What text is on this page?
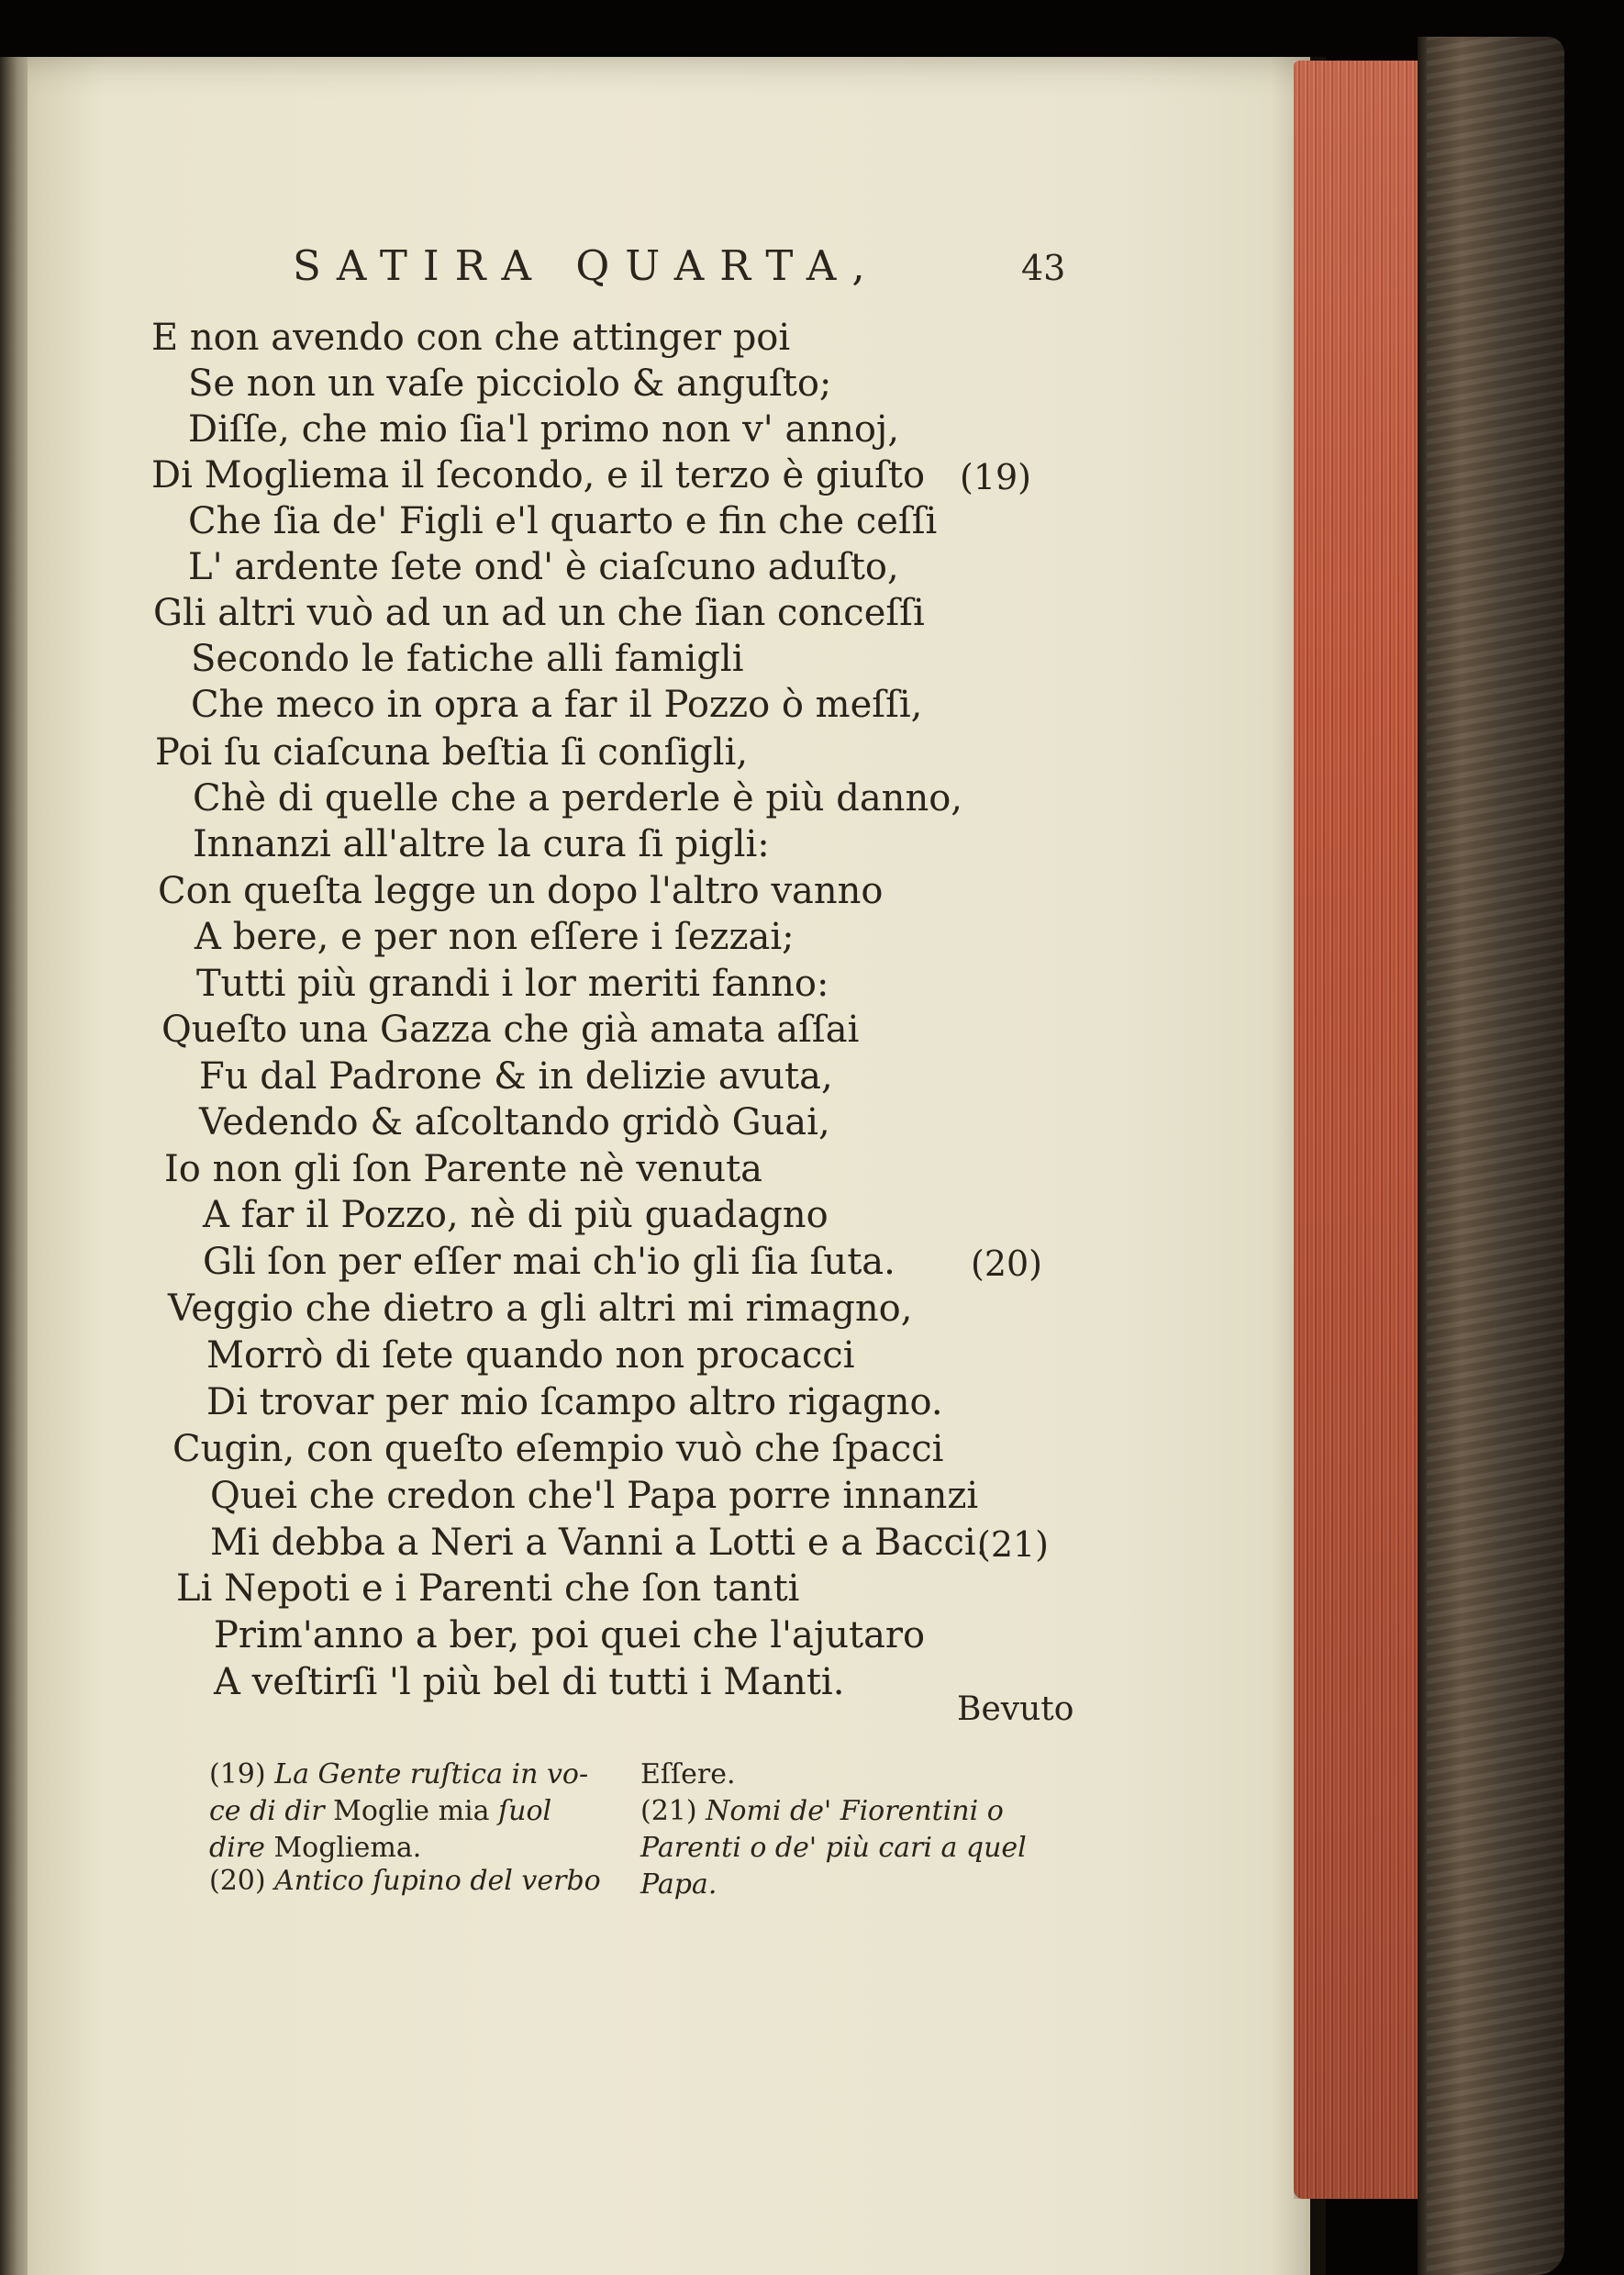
SATIRA QUARTA,	43
E non avendo con che attinger poi
Se non un vaſe picciolo & anguſto;
Diſſe, che mio ſia'l primo non v' annoj,
Di Mogliema il ſecondo, e il terzo è giuſto
Che ſia de' Figli e'l quarto e fin che ceſſi
L' ardente ſete ond' è ciaſcuno aduſto,
Gli altri vuò ad un ad un che ſian conceſſi
Secondo le fatiche alli famigli
Che meco in opra a far il Pozzo ò meſſi,
Poi ſu ciaſcuna beſtia ſi conſigli,
Chè di quelle che a perderle è più danno,
Innanzi all'altre la cura ſi pigli:
Con queſta legge un dopo l'altro vanno
A bere, e per non eſſere i ſezzai;
Tutti più grandi i lor meriti fanno:
Queſto una Gazza che già amata aſſai
Fu dal Padrone & in delizie avuta,
Vedendo & aſcoltando gridò Guai,
Io non gli ſon Parente nè venuta
A far il Pozzo, nè di più guadagno
Gli ſon per eſſer mai ch'io gli ſia ſuta.
Veggio che dietro a gli altri mi rimagno,
Morrò di ſete quando non procacci
Di trovar per mio ſcampo altro rigagno.
Cugin, con queſto eſempio vuò che ſpacci
Quei che credon che'l Papa porre innanzi
Mi debba a Neri a Vanni a Lotti e a Bacci.
Li Nepoti e i Parenti che ſon tanti
Prim'anno a ber, poi quei che l'ajutaro
A veſtirſi 'l più bel di tutti i Manti.
(19)
(20)
(21)
Bevuto
(19) La Gente ruſtica in vo-ce di dir Moglie mia ſuol dire Mogliema.
(20) Antico ſupino del verbo
Eſſere.
(21) Nomi de' Fiorentini o Parenti o de' più cari a quel Papa.
